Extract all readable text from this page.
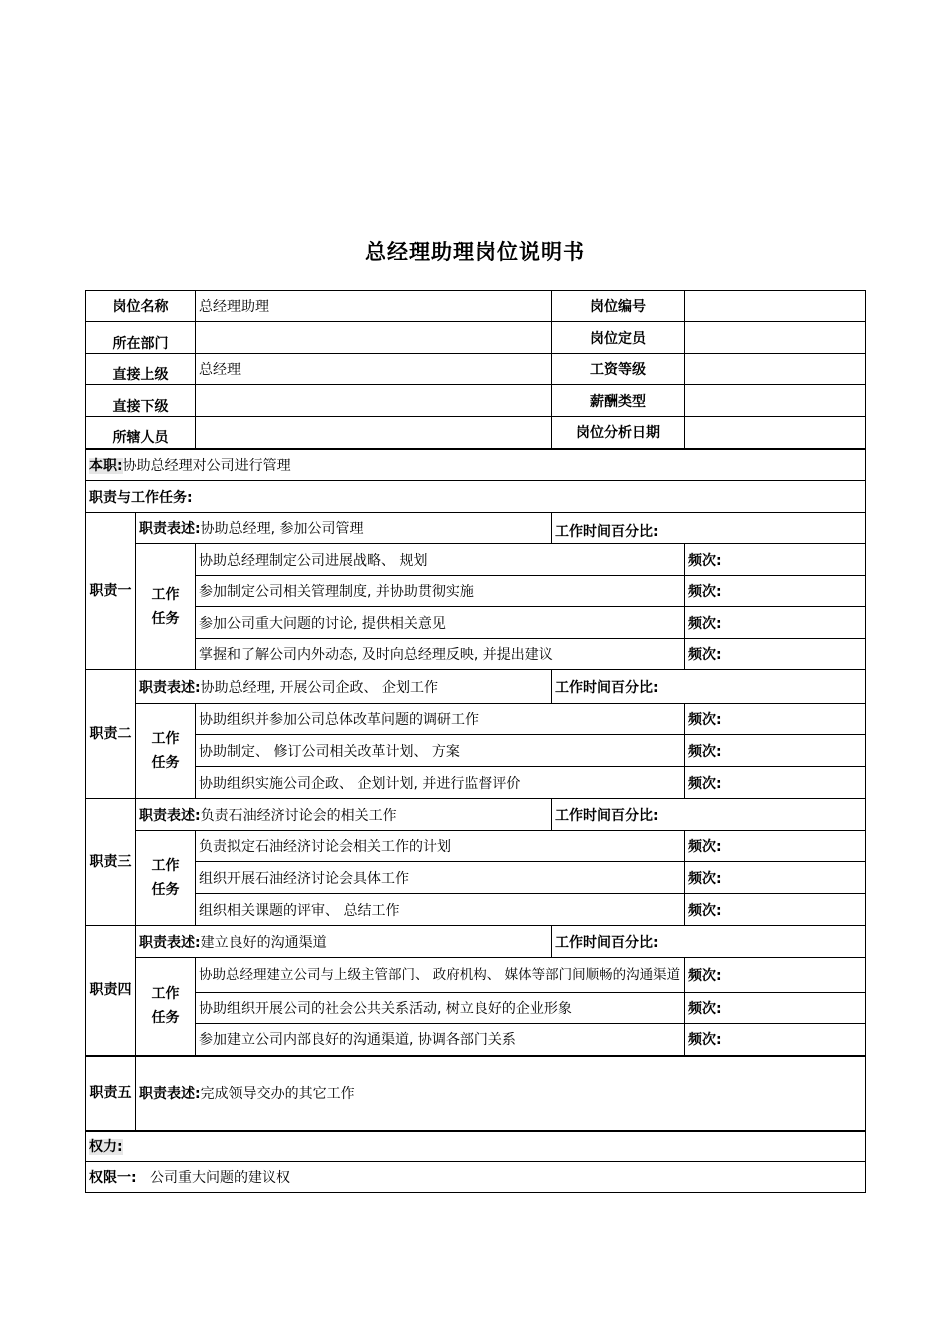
总经理助理岗位说明书
岗位名称		总经理助理	岗位编号	
所在部门			岗位定员	
直接上级		总经理	工资等级	
直接下级			薪酬类型	
所辖人员			岗位分析日期	
本职:协助总经理对公司进行管理				
职责与工作任务:				
职责一	职责表述:协助总经理, 参加公司管理		工作时间百分比:	
	工作任务	协助总经理制定公司进展战略、 规划		频次:
		参加制定公司相关管理制度, 并协助贯彻实施		频次:
		参加公司重大问题的讨论, 提供相关意见		频次:
		掌握和了解公司内外动态, 及时向总经理反映, 并提出建议		频次:
职责二	职责表述:协助总经理, 开展公司企政、 企划工作		工作时间百分比:	
	工作任务	协助组织并参加公司总体改革问题的调研工作		频次:
		协助制定、 修订公司相关改革计划、 方案		频次:
		协助组织实施公司企政、 企划计划, 并进行监督评价		频次:
职责三	职责表述:负责石油经济讨论会的相关工作		工作时间百分比:	
	工作任务	负责拟定石油经济讨论会相关工作的计划		频次:
		组织开展石油经济讨论会具体工作		频次:
		组织相关课题的评审、 总结工作		频次:
职责四	职责表述:建立良好的沟通渠道		工作时间百分比:	
	工作任务	协助总经理建立公司与上级主管部门、 政府机构、 媒体等部门间顺畅的沟通渠道		频次:
		协助组织开展公司的社会公共关系活动, 树立良好的企业形象		频次:
		参加建立公司内部良好的沟通渠道, 协调各部门关系		频次:
职责五	职责表述:完成领导交办的其它工作			
权力:				
权限一: 公司重大问题的建议权				
